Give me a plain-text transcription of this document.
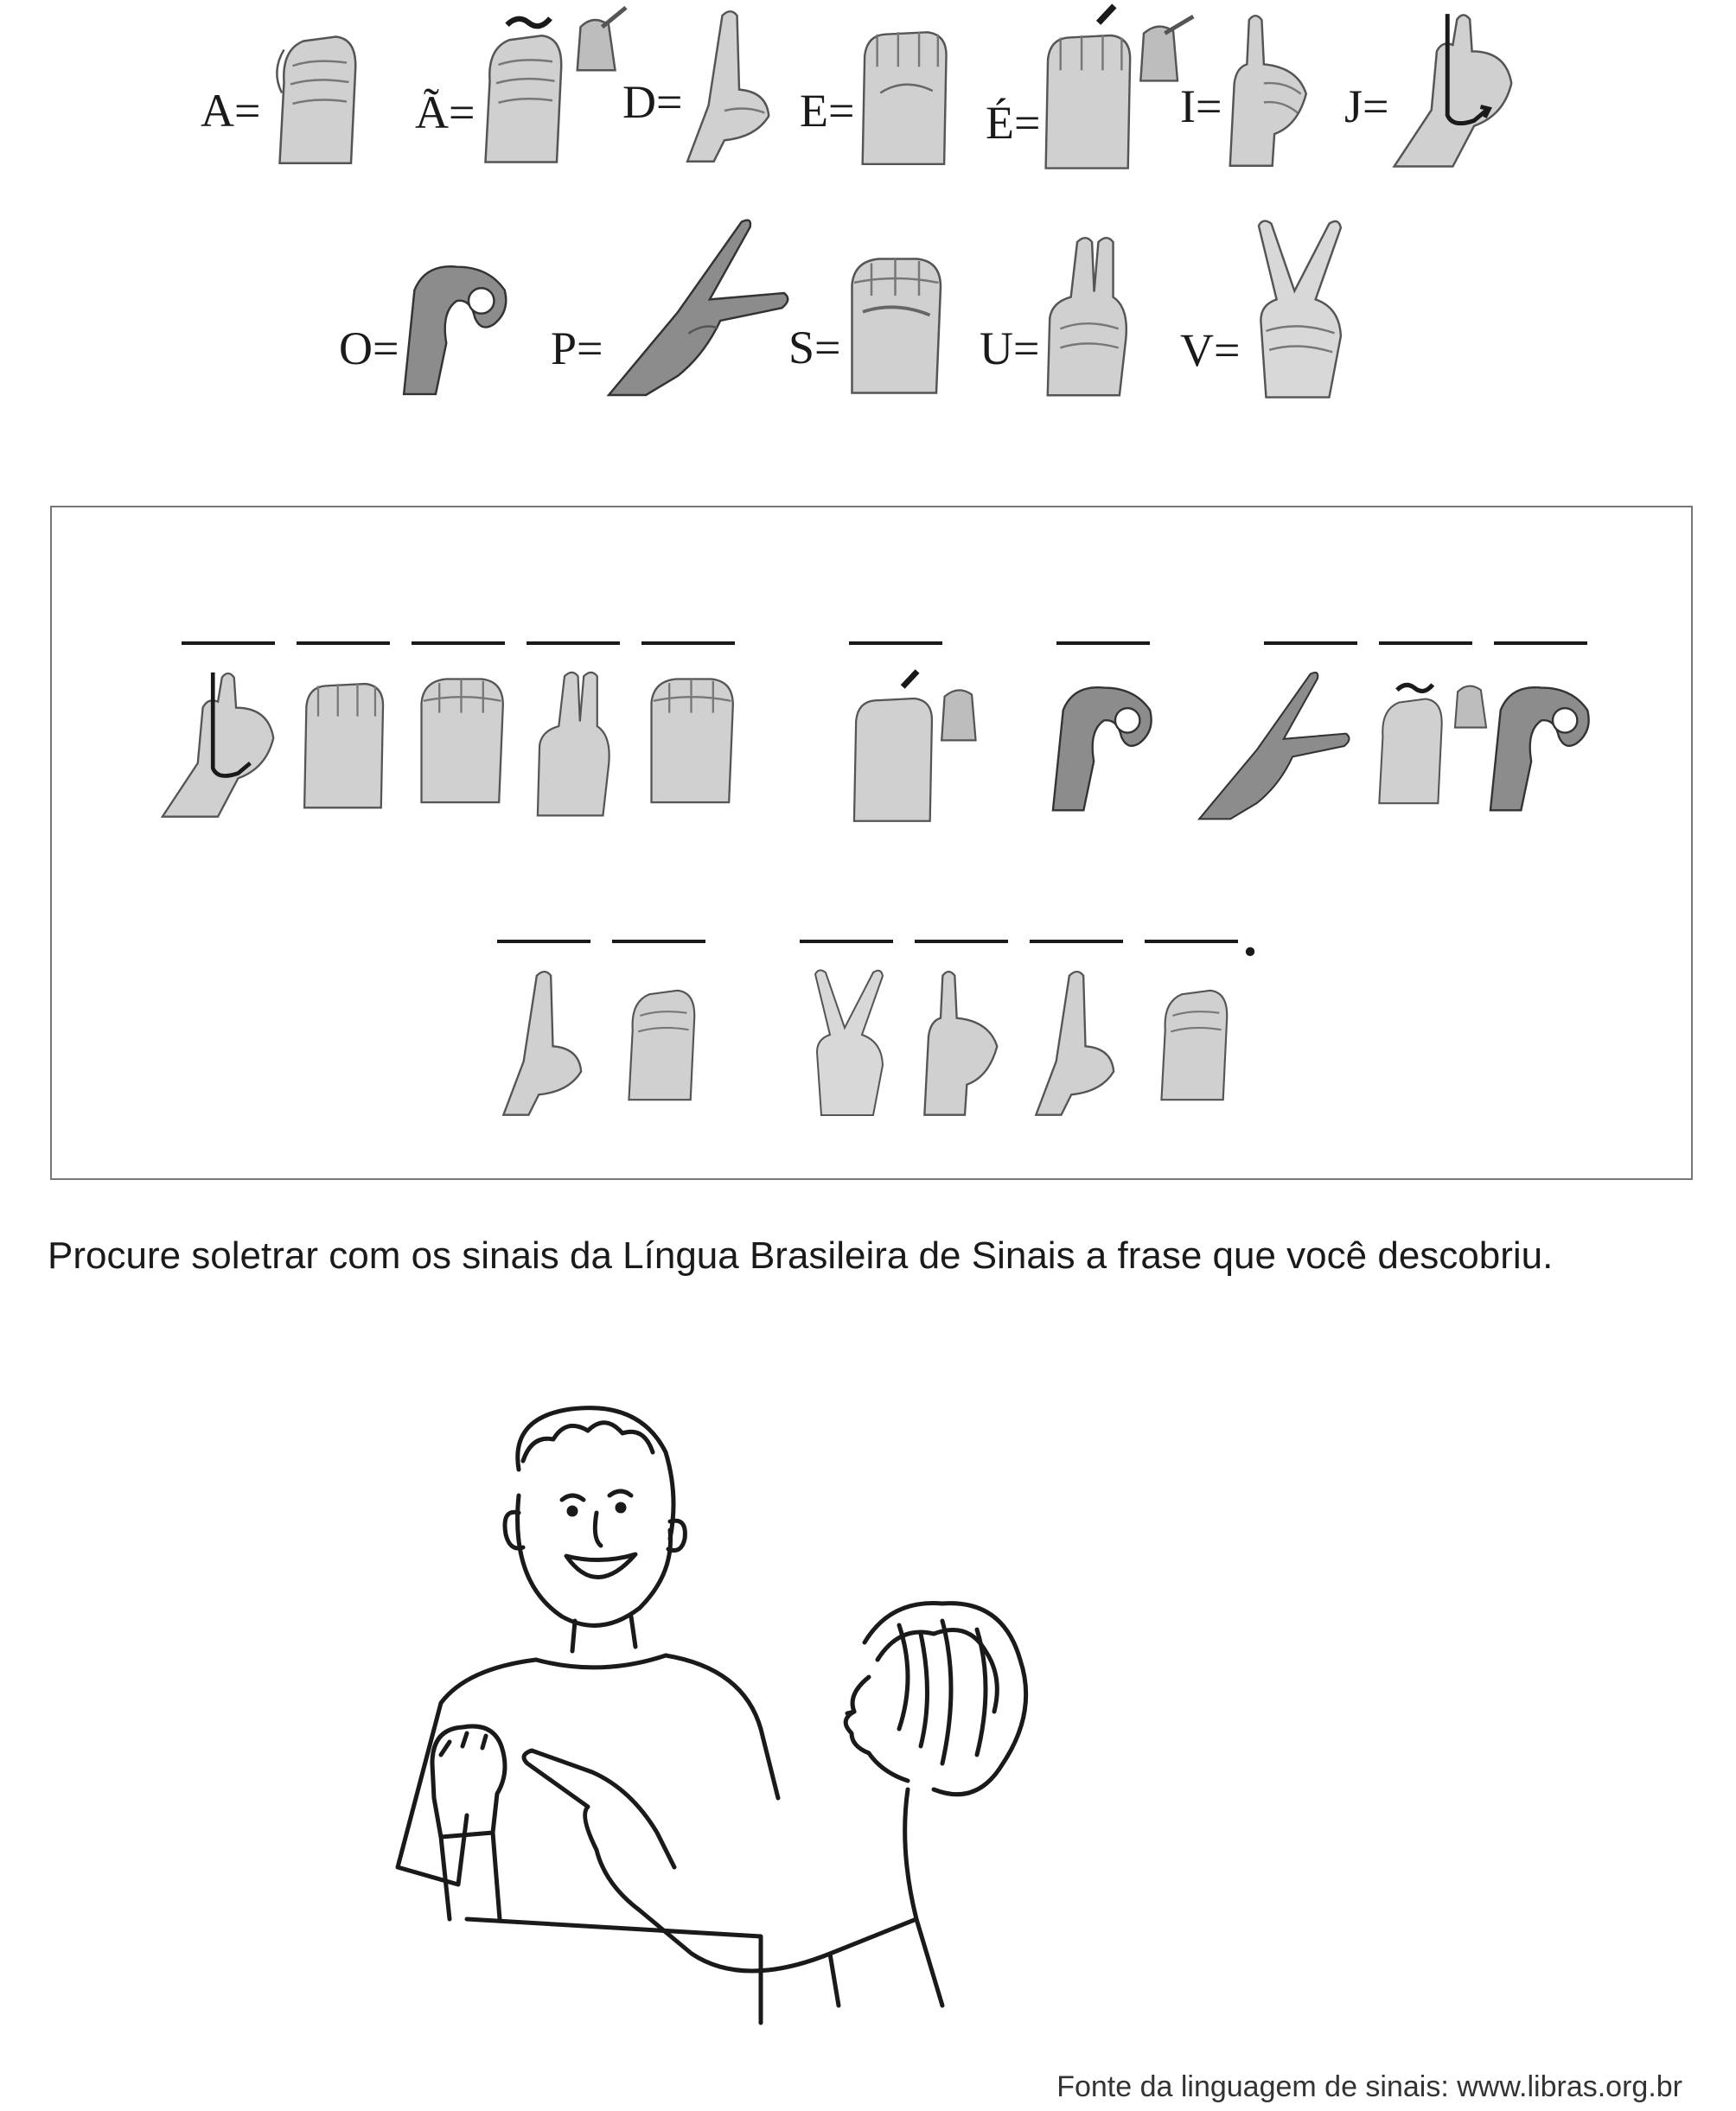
A=	Ã=	D=	E=	É=	I=	J=
O=	P=	S=	U=	V=
.
Procure soletrar com os sinais da Língua Brasileira de Sinais a frase que você descobriu.
Fonte da linguagem de sinais: www.libras.org.br
